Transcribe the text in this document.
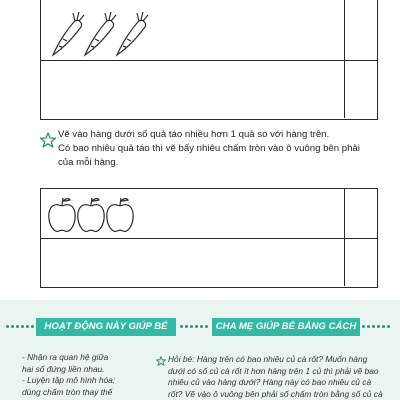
Vẽ vào hàng dưới số quả táo nhiều hơn 1 quả so với hàng trên.

Có bao nhiêu quả táo thì vẽ bấy nhiêu chấm tròn vào ô vuông bên phải

của mỗi hàng.

HOẠT ĐỘNG NÀY GIÚP BÉ	CHA MẸ GIÚP BÉ BẰNG CÁCH

- Nhận ra quan hệ giữa

hai số đứng liền nhau.

- Luyện tập mô hình hóa:

dùng chấm tròn thay thế

Hỏi bé: Hàng trên có bao nhiêu củ cà rốt? Muốn hàng

dưới có số củ cà rốt ít hơn hàng trên 1 củ thì phải vẽ bao

nhiêu củ vào hàng dưới? Hàng này có bao nhiêu củ cà

rốt? Vẽ vào ô vuông bên phải số chấm tròn bằng số củ cà
